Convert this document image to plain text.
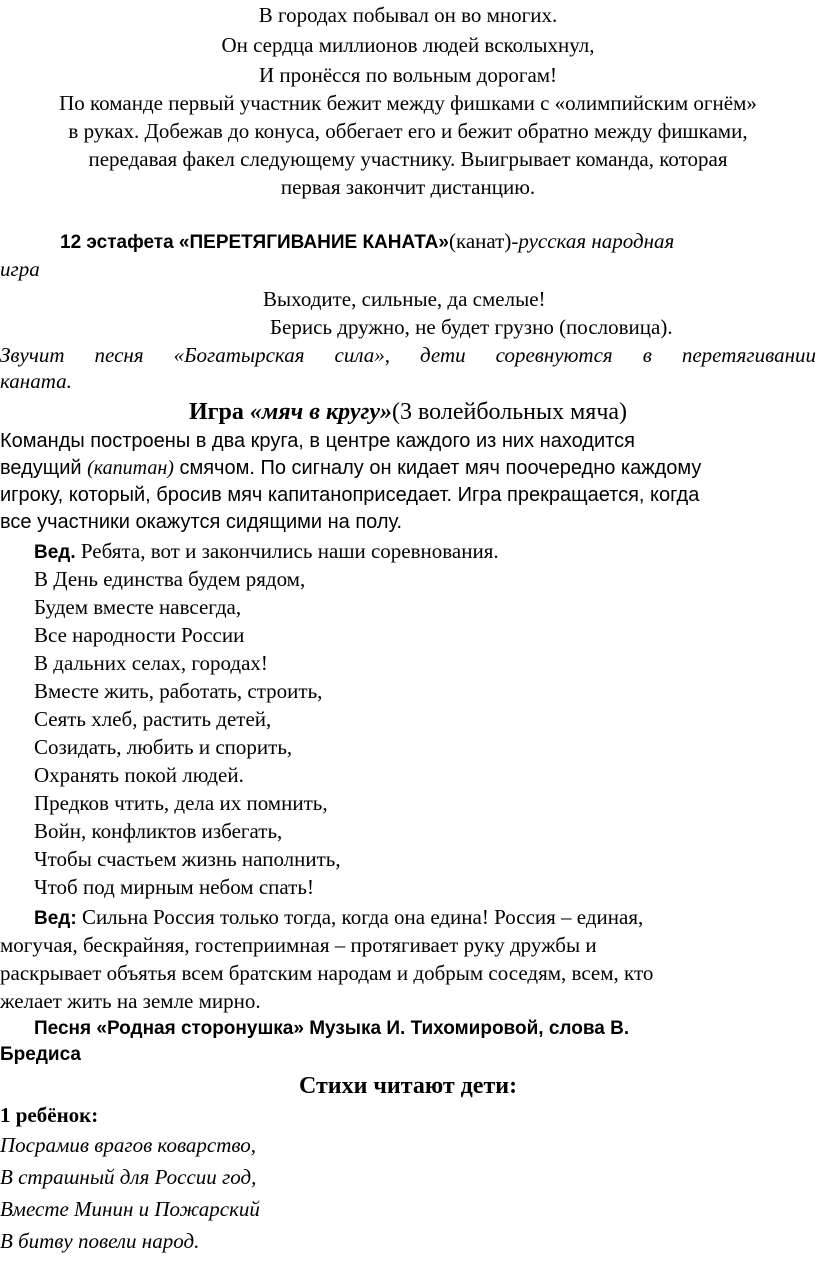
В городах побывал он во многих.
Он сердца миллионов людей всколыхнул,
И пронёсся по вольным дорогам!
По команде первый участник бежит между фишками с «олимпийским огнём»
в руках. Добежав до конуса, оббегает его и бежит обратно между фишками,
передавая факел следующему участнику. Выигрывает команда, которая
первая закончит дистанцию.
12 эстафета «ПЕРЕТЯГИВАНИЕ КАНАТА»(канат)-русская народная
игра
Выходите, сильные, да смелые!
Берись дружно, не будет грузно (пословица).
Звучит песня «Богатырская сила», дети соревнуются в перетягивании
каната.
Игра «мяч в кругу»(3 волейбольных мяча)
Команды построены в два круга, в центре каждого из них находится
ведущий (капитан) смячом. По сигналу он кидает мяч поочередно каждому
игроку, который, бросив мяч капитаноприседает. Игра прекращается, когда
все участники окажутся сидящими на полу.
Вед. Ребята, вот и закончились наши соревнования.
В День единства будем рядом,
Будем вместе навсегда,
Все народности России
В дальних селах, городах!
Вместе жить, работать, строить,
Сеять хлеб, растить детей,
Созидать, любить и спорить,
Охранять покой людей.
Предков чтить, дела их помнить,
Войн, конфликтов избегать,
Чтобы счастьем жизнь наполнить,
Чтоб под мирным небом спать!
Вед: Сильна Россия только тогда, когда она едина! Россия – единая,
могучая, бескрайняя, гостеприимная – протягивает руку дружбы и
раскрывает объятья всем братским народам и добрым соседям, всем, кто
желает жить на земле мирно.
Песня «Родная сторонушка» Музыка И. Тихомировой, слова В.
Бредиса
Стихи читают дети:
1 ребёнок:
Посрамив врагов коварство,
В страшный для России год,
Вместе Минин и Пожарский
В битву повели народ.
